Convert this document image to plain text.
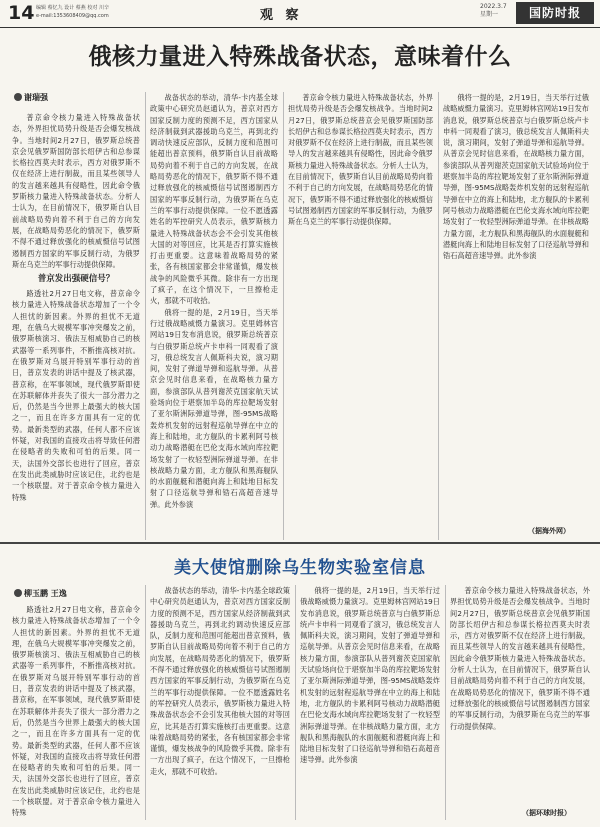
14 编辑 蔡忆九 设计 蔡燕 校对 川辛
e-mail:1353608409@qq.com	观 察
2022.3.7
星期一	国防时报
俄核力量进入特殊战备状态，意味着什么
谢瑞强

普京命令核力量进入特殊战备状态，外界担忧局势升级是否会爆发核战争。当地时间2月27日，俄罗斯总统普京会见俄罗斯国防部长绍伊古和总参谋长格拉西莫夫时表示，西方对俄罗斯不仅在经济上进行制裁，而且某些领导人的发言越来越具有侵略性，因此命令俄罗斯核力量进入特殊战备状态。分析人士认为，在目前情况下，俄罗斯自认目前战略局势向着不利于自己的方向发展，在战略局势恶化的情况下，俄罗斯不得不通过释放强化的核威慑信号试图遏制西方国家的军事反制行动，为俄罗斯在乌克兰的军事行动提供保障。

普京发出强硬信号？

路透社2月27日电文称，普京命令核力量进入特殊战备状态增加了一个令人担忧的新因素。外界的担忧不无道理，在俄乌大规模军事冲突爆发之前，俄罗斯核演习、俄法互相威胁自己的核武器等一系列事件，不断推高核对抗。在俄罗斯对乌展开特别军事行动的首日，普京发表的讲话中提及了核武器，普京称，在军事领域，现代俄罗斯即使在苏联解体并丧失了很大一部分潜力之后，仍然是当今世界上最强大的核大国之一，而且在许多方面具有一定的优势。最新类型的武器，任何人都不应该怀疑，对我国的直接攻击将导致任何潜在侵略者的失败和可怕的后果。同一天，法国外交部长也进行了回应，普京在发出此类威胁时应该记住，北约也是一个核联盟。对于普京命令核力量进入特殊

战备状态的举动，清华-卡内基全球政策中心研究员赵通认为，普京对西方国家反制力度的预测不足，西方国家从经济制裁到武器援助乌克兰，再到北约调动快速反应部队，反制力度和范围可能超出普京预料，俄罗斯自认目前战略局势向着不利于自己的方向发展，在战略局势恶化的情况下，俄罗斯不得不通过释放强化的核威慑信号试图遏制西方国家的军事反制行动，为俄罗斯在乌克兰的军事行动提供保障。一位不愿透露姓名的军控研究人员表示，俄罗斯核力量进入特殊战备状态会不会引发其他核大国的对等回应，比其是否打算实施核打击更重要。这意味着战略局势的紧张，各有核国家都会非常谨慎，爆发核战争的风险微乎其微。除非有一方出现了疯子，在这个情况下，一旦擦枪走火，那就不可收拾。

俄将一提的是，2月19日，当天举行过俄战略威慑力量演习。克里姆林宫网站19日发布消息说，俄罗斯总统普京与白俄罗斯总统卢卡申科一同观看了演习，俄总统发言人佩斯科夫说，演习期间，发射了弹道导弹和巡航导弹。从普京会见时信息来看，在战略核力量方面，参演部队从普列谢茨克国家航天试验场向位于堪察加半岛的库拉靶场发射了亚尔斯洲际弹道导弹，图-95MS战略轰炸机发射的远射程巡航导弹在中立的海上和陆地，北方舰队的卡累利阿号核动力战略潜艇在巴伦支海水域向库拉靶场发射了一枚轻型洲际弹道导弹。在非核战略力量方面，北方舰队和黑海舰队的水面舰艇和潜艇向海上和陆地目标发射了口径巡航导弹和锆石高超音速导弹。此外参演

普京命令核力量进入特殊战备状态，外界担忧局势升级是否会爆发核战争。当地时间2月27日，俄罗斯总统普京会见俄罗斯国防部长绍伊古和总参谋长格拉西莫夫时表示，西方对俄罗斯不仅在经济上进行制裁，而且某些领导人的发言越来越具有侵略性，因此命令俄罗斯核力量进入特殊战备状态。分析人士认为，在目前情况下，俄罗斯自认目前战略局势向着不利于自己的方向发展，在战略局势恶化的情况下，俄罗斯不得不通过释放强化的核威慑信号试图遏制西方国家的军事反制行动，为俄罗斯在乌克兰的军事行动提供保障。

俄将一提的是，2月19日，当天举行过俄战略威慑力量演习。克里姆林宫网站19日发布消息说，俄罗斯总统普京与白俄罗斯总统卢卡申科一同观看了演习，俄总统发言人佩斯科夫说，演习期间，发射了弹道导弹和巡航导弹。从普京会见时信息来看，在战略核力量方面，参演部队从普列谢茨克国家航天试验场向位于堪察加半岛的库拉靶场发射了亚尔斯洲际弹道导弹，图-95MS战略轰炸机发射的远射程巡航导弹在中立的海上和陆地，北方舰队的卡累利阿号核动力战略潜艇在巴伦支海水域向库拉靶场发射了一枚轻型洲际弹道导弹。在非核战略力量方面，北方舰队和黑海舰队的水面舰艇和潜艇向海上和陆地目标发射了口径巡航导弹和锆石高超音速导弹。此外参演

（据海外网）
美大使馆删除乌生物实验室信息
柳玉鹏 王逸

路透社2月27日电文称，普京命令核力量进入特殊战备状态增加了一个令人担忧的新因素。外界的担忧不无道理，在俄乌大规模军事冲突爆发之前，俄罗斯核演习、俄法互相威胁自己的核武器等一系列事件，不断推高核对抗。在俄罗斯对乌展开特别军事行动的首日，普京发表的讲话中提及了核武器，普京称，在军事领域，现代俄罗斯即使在苏联解体并丧失了很大一部分潜力之后，仍然是当今世界上最强大的核大国之一，而且在许多方面具有一定的优势。最新类型的武器，任何人都不应该怀疑，对我国的直接攻击将导致任何潜在侵略者的失败和可怕的后果。同一天，法国外交部长也进行了回应，普京在发出此类威胁时应该记住，北约也是一个核联盟。对于普京命令核力量进入特殊

战备状态的举动，清华-卡内基全球政策中心研究员赵通认为，普京对西方国家反制力度的预测不足，西方国家从经济制裁到武器援助乌克兰，再到北约调动快速反应部队，反制力度和范围可能超出普京预料，俄罗斯自认目前战略局势向着不利于自己的方向发展，在战略局势恶化的情况下，俄罗斯不得不通过释放强化的核威慑信号试图遏制西方国家的军事反制行动，为俄罗斯在乌克兰的军事行动提供保障。一位不愿透露姓名的军控研究人员表示，俄罗斯核力量进入特殊战备状态会不会引发其他核大国的对等回应，比其是否打算实施核打击更重要。这意味着战略局势的紧张，各有核国家都会非常谨慎，爆发核战争的风险微乎其微。除非有一方出现了疯子，在这个情况下，一旦擦枪走火，那就不可收拾。

俄将一提的是，2月19日，当天举行过俄战略威慑力量演习。克里姆林宫网站19日发布消息说，俄罗斯总统普京与白俄罗斯总统卢卡申科一同观看了演习，俄总统发言人佩斯科夫说，演习期间，发射了弹道导弹和巡航导弹。从普京会见时信息来看，在战略核力量方面，参演部队从普列谢茨克国家航天试验场向位于堪察加半岛的库拉靶场发射了亚尔斯洲际弹道导弹，图-95MS战略轰炸机发射的远射程巡航导弹在中立的海上和陆地，北方舰队的卡累利阿号核动力战略潜艇在巴伦支海水域向库拉靶场发射了一枚轻型洲际弹道导弹。在非核战略力量方面，北方舰队和黑海舰队的水面舰艇和潜艇向海上和陆地目标发射了口径巡航导弹和锆石高超音速导弹。此外参演

普京命令核力量进入特殊战备状态，外界担忧局势升级是否会爆发核战争。当地时间2月27日，俄罗斯总统普京会见俄罗斯国防部长绍伊古和总参谋长格拉西莫夫时表示，西方对俄罗斯不仅在经济上进行制裁，而且某些领导人的发言越来越具有侵略性，因此命令俄罗斯核力量进入特殊战备状态。分析人士认为，在目前情况下，俄罗斯自认目前战略局势向着不利于自己的方向发展，在战略局势恶化的情况下，俄罗斯不得不通过释放强化的核威慑信号试图遏制西方国家的军事反制行动，为俄罗斯在乌克兰的军事行动提供保障。

（据环球时报）
